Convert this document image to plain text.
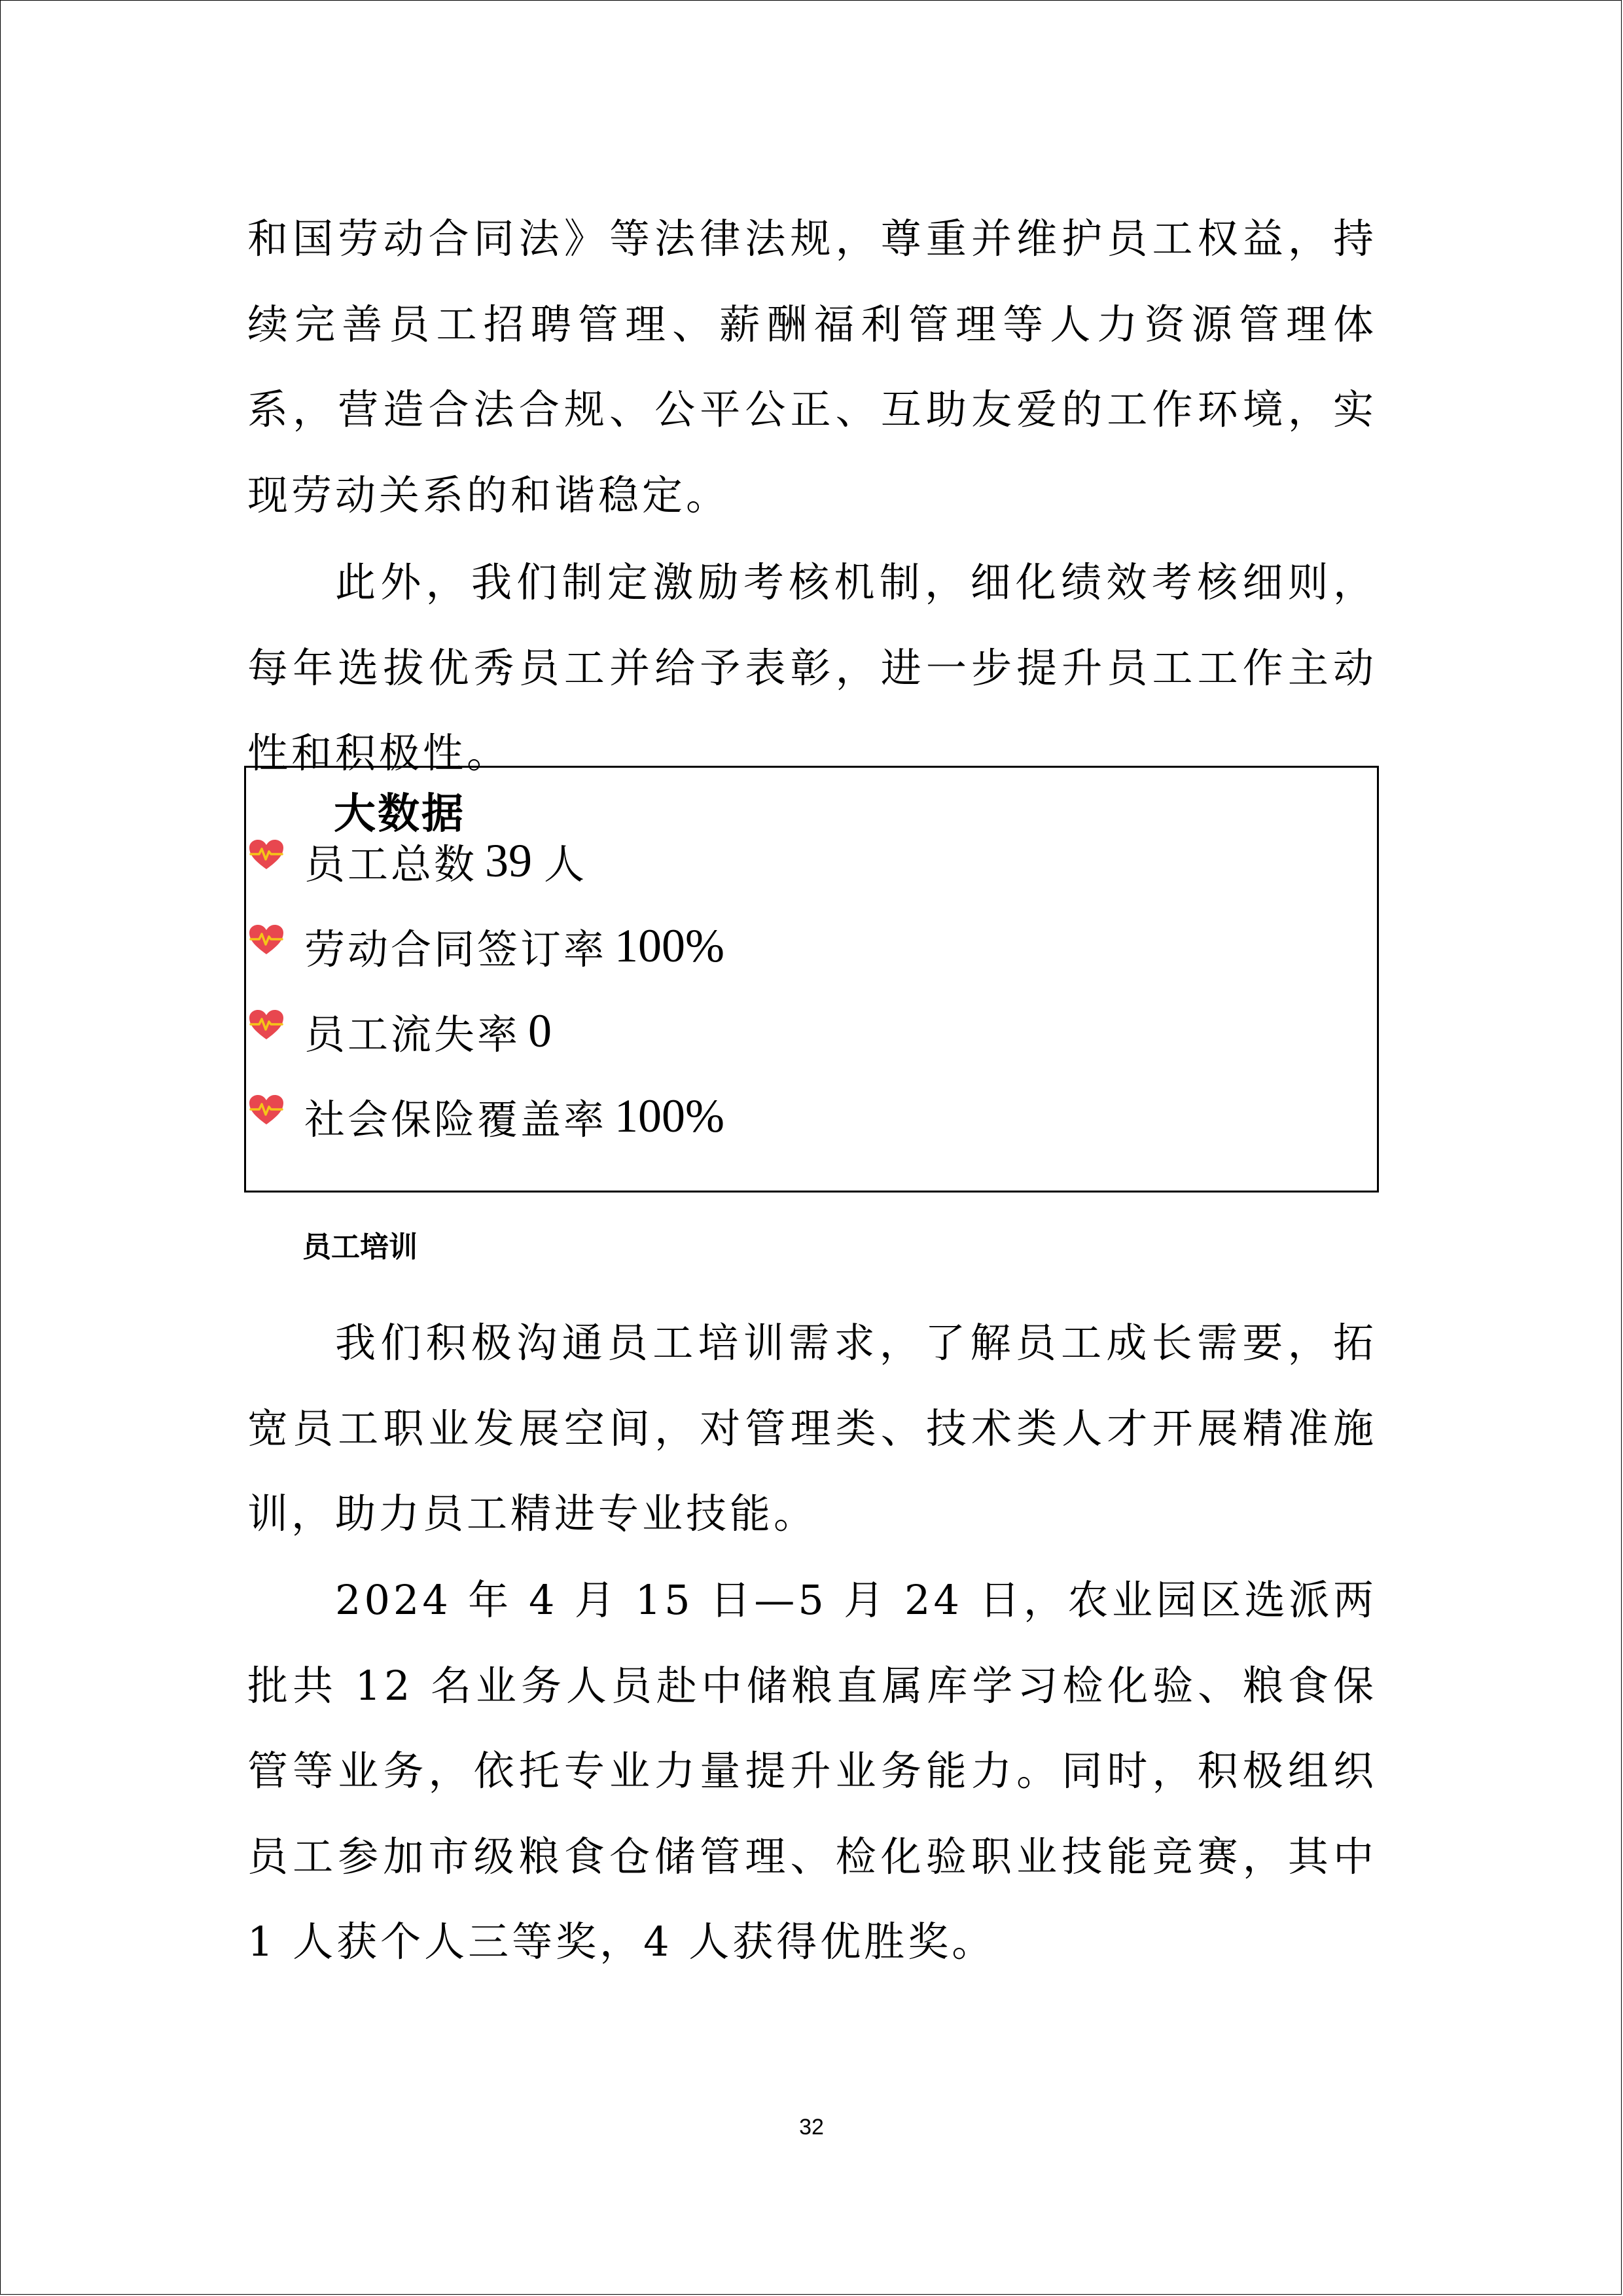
和国劳动合同法》等法律法规，尊重并维护员工权益，持续完善员工招聘管理、薪酬福利管理等人力资源管理体系，营造合法合规、公平公正、互助友爱的工作环境，实现劳动关系的和谐稳定。

此外，我们制定激励考核机制，细化绩效考核细则，每年选拔优秀员工并给予表彰，进一步提升员工工作主动性和积极性。

大数据

员工总数 39 人
劳动合同签订率 100%
员工流失率 0
社会保险覆盖率 100%

员工培训

我们积极沟通员工培训需求，了解员工成长需要，拓宽员工职业发展空间，对管理类、技术类人才开展精准施训，助力员工精进专业技能。

2024 年 4 月 15 日—5 月 24 日，农业园区选派两批共 12 名业务人员赴中储粮直属库学习检化验、粮食保管等业务，依托专业力量提升业务能力。同时，积极组织员工参加市级粮食仓储管理、检化验职业技能竞赛，其中 1 人获个人三等奖，4 人获得优胜奖。

32
